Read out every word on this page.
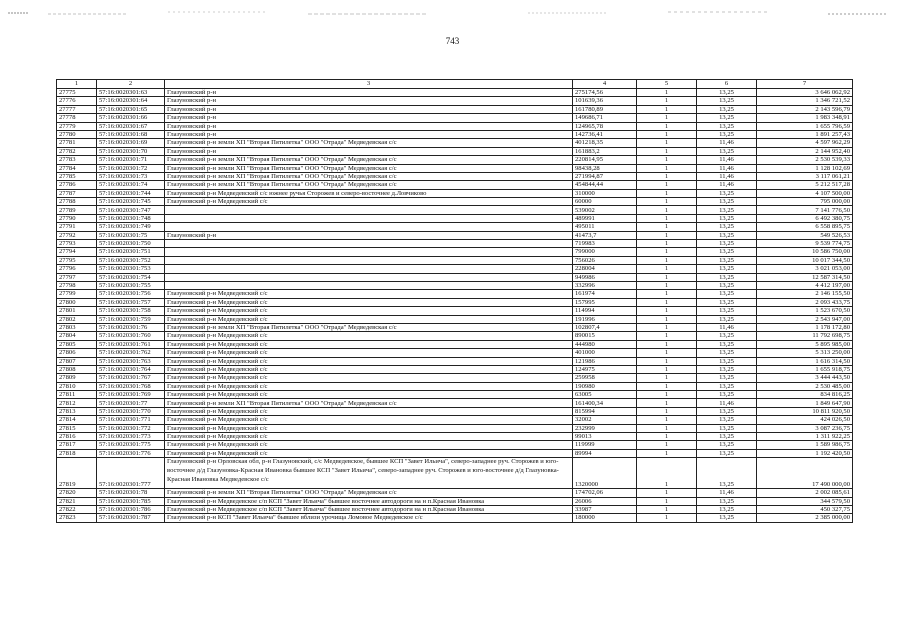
743
1	2	3	4	5	6	7
27775	57:16:0020301:63	Глазуновский р-н	275174,56	1	13,25	3 646 062,92
27776	57:16:0020301:64	Глазуновский р-н	101639,36	1	13,25	1 346 721,52
27777	57:16:0020301:65	Глазуновский р-н	161780,89	1	13,25	2 143 596,79
27778	57:16:0020301:66	Глазуновский р-н	149686,71	1	13,25	1 983 348,91
27779	57:16:0020301:67	Глазуновский р-н	124965,78	1	13,25	1 655 796,59
27780	57:16:0020301:68	Глазуновский р-н	142736,41	1	13,25	1 891 257,43
27781	57:16:0020301:69	Глазуновский р-н земли ХП "Вторая Пятилетка" ООО "Отрада" Медведевская с/с	401218,35	1	11,46	4 597 962,29
27782	57:16:0020301:70	Глазуновский р-н	161883,2	1	13,25	2 144 952,40
27783	57:16:0020301:71	Глазуновский р-н земли ХП "Вторая Пятилетка" ООО "Отрада" Медведевская с/с	220814,95	1	11,46	2 530 539,33
27784	57:16:0020301:72	Глазуновский р-н земли ХП "Вторая Пятилетка" ООО "Отрада" Медведевская с/с	98438,28	1	11,46	1 128 102,69
27785	57:16:0020301:73	Глазуновский р-н земли ХП "Вторая Пятилетка" ООО "Отрада" Медведевская с/с	271994,87	1	11,46	3 117 061,21
27786	57:16:0020301:74	Глазуновский р-н земли ХП "Вторая Пятилетка" ООО "Отрада" Медведевская с/с	454844,44	1	11,46	5 212 517,28
27787	57:16:0020301:744	Глазуновский р-н Медведевский с/с южнее ручья Сторожев и северо-восточнее д.Ловчиково	310000	1	13,25	4 107 500,00
27788	57:16:0020301:745	Глазуновский р-н Медведевский с/с	60000	1	13,25	795 000,00
27789	57:16:0020301:747		539002	1	13,25	7 141 776,50
27790	57:16:0020301:748		489991	1	13,25	6 492 380,75
27791	57:16:0020301:749		495011	1	13,25	6 558 895,75
27792	57:16:0020301:75	Глазуновский р-н	41473,7	1	13,25	549 526,53
27793	57:16:0020301:750		719983	1	13,25	9 539 774,75
27794	57:16:0020301:751		799000	1	13,25	10 586 750,00
27795	57:16:0020301:752		756026	1	13,25	10 017 344,50
27796	57:16:0020301:753		228004	1	13,25	3 021 053,00
27797	57:16:0020301:754		949986	1	13,25	12 587 314,50
27798	57:16:0020301:755		332996	1	13,25	4 412 197,00
27799	57:16:0020301:756	Глазуновский р-н Медведевский с/с	161974	1	13,25	2 146 155,50
27800	57:16:0020301:757	Глазуновский р-н Медведевский с/с	157995	1	13,25	2 093 433,75
27801	57:16:0020301:758	Глазуновский р-н Медведевский с/с	114994	1	13,25	1 523 670,50
27802	57:16:0020301:759	Глазуновский р-н Медведевский с/с	191996	1	13,25	2 543 947,00
27803	57:16:0020301:76	Глазуновский р-н земли ХП "Вторая Пятилетка" ООО "Отрада" Медведевская с/с	102807,4	1	11,46	1 178 172,80
27804	57:16:0020301:760	Глазуновский р-н Медведевский с/с	890015	1	13,25	11 792 698,75
27805	57:16:0020301:761	Глазуновский р-н Медведевский с/с	444980	1	13,25	5 895 985,00
27806	57:16:0020301:762	Глазуновский р-н Медведевский с/с	401000	1	13,25	5 313 250,00
27807	57:16:0020301:763	Глазуновский р-н Медведевский с/с	121986	1	13,25	1 616 314,50
27808	57:16:0020301:764	Глазуновский р-н Медведевский с/с	124975	1	13,25	1 655 918,75
27809	57:16:0020301:767	Глазуновский р-н Медведевский с/с	259958	1	13,25	3 444 443,50
27810	57:16:0020301:768	Глазуновский р-н Медведевский с/с	190980	1	13,25	2 530 485,00
27811	57:16:0020301:769	Глазуновский р-н Медведевский с/с	63005	1	13,25	834 816,25
27812	57:16:0020301:77	Глазуновский р-н земли ХП "Вторая Пятилетка" ООО "Отрада" Медведевская с/с	161400,34	1	11,46	1 849 647,90
27813	57:16:0020301:770	Глазуновский р-н Медведевский с/с	815994	1	13,25	10 811 920,50
27814	57:16:0020301:771	Глазуновский р-н Медведевский с/с	32002	1	13,25	424 026,50
27815	57:16:0020301:772	Глазуновский р-н Медведевский с/с	232999	1	13,25	3 087 236,75
27816	57:16:0020301:773	Глазуновский р-н Медведевский с/с	99013	1	13,25	1 311 922,25
27817	57:16:0020301:775	Глазуновский р-н Медведевский с/с	119999	1	13,25	1 589 986,75
27818	57:16:0020301:776	Глазуновский р-н Медведевский с/с	89994	1	13,25	1 192 420,50
27819	57:16:0020301:777	Глазуновский р-н Орловская обл, р-н Глазуновский, с/с Медведевское, бывшее КСП "Завет Ильича", северо-западнее руч. Сторожев и юго-восточнее д/д Глазуновка-Красная Ивановка бывшее КСП "Завет Ильича", северо-западнее руч. Сторожев и юго-восточнее д/д Глазуновка-Красная Ивановка Медведевское с/с	1320000	1	13,25	17 490 000,00
27820	57:16:0020301:78	Глазуновский р-н земли ХП "Вторая Пятилетка" ООО "Отрада" Медведевская с/с	174702,06	1	11,46	2 002 085,61
27821	57:16:0020301:785	Глазуновский р-н Медведевское с/п КСП "Завет Ильича" бывшее восточнее автодороги на н п.Красная Ивановка	26006	1	13,25	344 579,50
27822	57:16:0020301:786	Глазуновский р-н Медведевское с/п КСП "Завет Ильича" бывшее восточнее автодороги на н п.Красная Ивановка	33987	1	13,25	450 327,75
27823	57:16:0020301:787	Глазуновский р-н КСП "Завет Ильича" бывшее вблизи урочища Ломовое Медведевское с/с	180000	1	13,25	2 385 000,00
